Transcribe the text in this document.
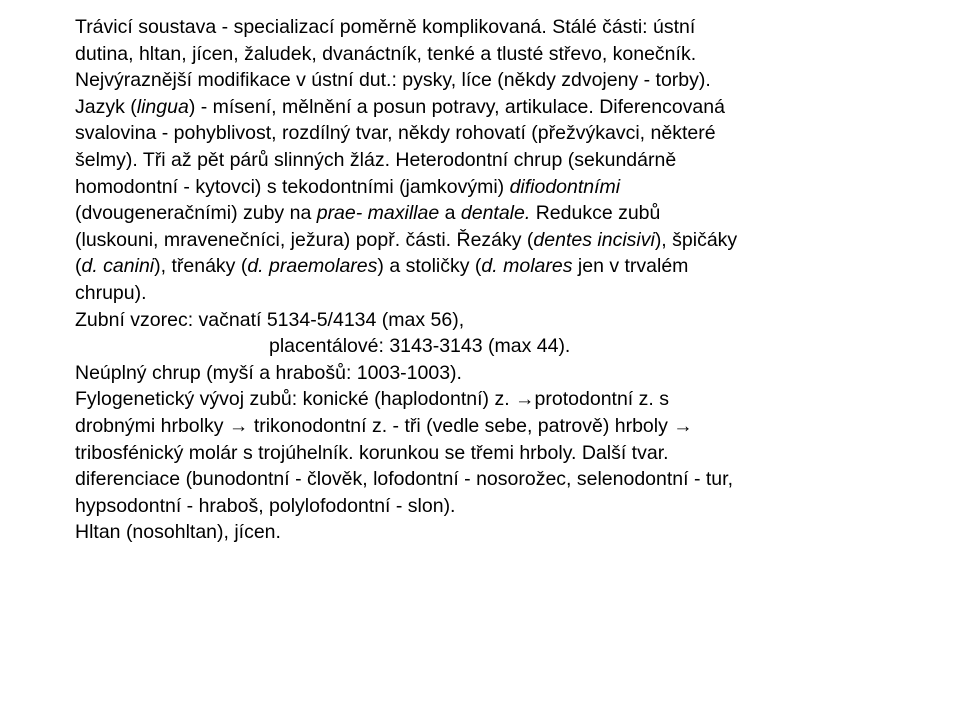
Trávicí soustava - specializací poměrně komplikovaná. Stálé části: ústní
dutina, hltan, jícen, žaludek, dvanáctník, tenké a tlusté střevo, konečník.
Nejvýraznější modifikace v ústní dut.: pysky, líce (někdy zdvojeny - torby).
Jazyk (lingua) - mísení, mělnění a posun potravy, artikulace. Diferencovaná
svalovina - pohyblivost, rozdílný tvar, někdy rohovatí (přežvýkavci, některé
šelmy). Tři až pět párů slinných žláz. Heterodontní chrup (sekundárně
homodontní - kytovci) s tekodontními (jamkovými) difiodontními
(dvougeneračními) zuby na prae- maxillae a dentale. Redukce zubů
(luskouni, mravenečníci, ježura) popř. části. Řezáky (dentes incisivi), špičáky
(d. canini), třenáky (d. praemolares) a stoličky (d. molares jen v trvalém
chrupu).
Zubní vzorec: vačnatí 5134-5/4134 (max 56),
placentálové: 3143-3143 (max 44).
Neúplný chrup (myší a hrabošů: 1003-1003).
Fylogenetický vývoj zubů: konické (haplodontní) z. →protodontní z. s
drobnými hrbolky → trikonodontní z. - tři (vedle sebe, patrově) hrboly →
tribosfénický molár s trojúhelník. korunkou se třemi hrboly. Další tvar.
diferenciace (bunodontní - člověk, lofodontní - nosorožec, selenodontní - tur,
hypsodontní - hraboš, polylofodontní - slon).
Hltan (nosohltan), jícen.
